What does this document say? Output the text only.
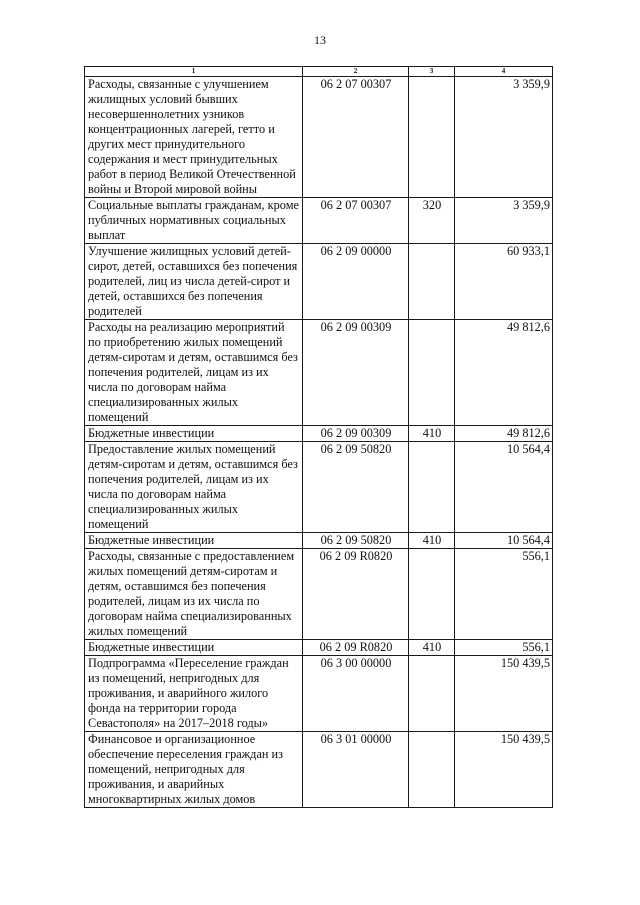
13
1	2	3	4
Расходы, связанные с улучшением жилищных условий бывших несовершеннолетних узников концентрационных лагерей, гетто и других мест принудительного содержания и мест принудительных работ в период Великой Отечественной войны и Второй мировой войны	06 2 07 00307		3 359,9
Социальные выплаты гражданам, кроме публичных нормативных социальных выплат	06 2 07 00307	320	3 359,9
Улучшение жилищных условий детей-сирот, детей, оставшихся без попечения родителей, лиц из числа детей-сирот и детей, оставшихся без попечения родителей	06 2 09 00000		60 933,1
Расходы на реализацию мероприятий по приобретению жилых помещений детям-сиротам и детям, оставшимся без попечения родителей, лицам из их числа по договорам найма специализированных жилых помещений	06 2 09 00309		49 812,6
Бюджетные инвестиции	06 2 09 00309	410	49 812,6
Предоставление жилых помещений детям-сиротам и детям, оставшимся без попечения родителей, лицам из их числа по договорам найма специализированных жилых помещений	06 2 09 50820		10 564,4
Бюджетные инвестиции	06 2 09 50820	410	10 564,4
Расходы, связанные с предоставлением жилых помещений детям-сиротам и детям, оставшимся без попечения родителей, лицам из их числа по договорам найма специализированных жилых помещений	06 2 09 R0820		556,1
Бюджетные инвестиции	06 2 09 R0820	410	556,1
Подпрограмма «Переселение граждан из помещений, непригодных для проживания, и аварийного жилого фонда на территории города Севастополя» на 2017–2018 годы»	06 3 00 00000		150 439,5
Финансовое и организационное обеспечение переселения граждан из помещений, непригодных для проживания, и аварийных многоквартирных жилых домов	06 3 01 00000		150 439,5
